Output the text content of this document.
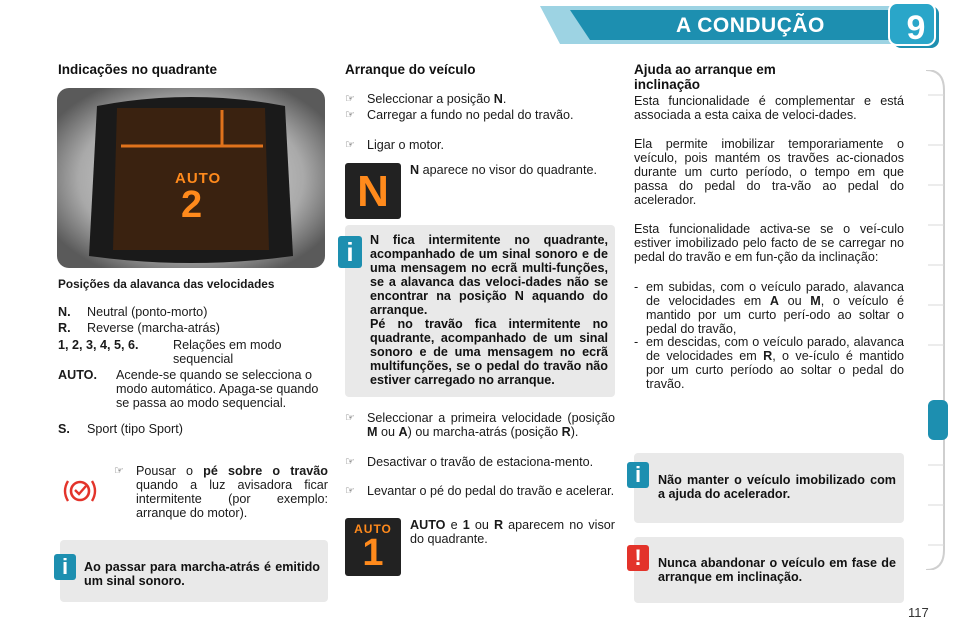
A CONDUÇÃO	9
Indicações no quadrante
AUTO
2
Posições da alavanca das velocidades
N. Neutral (ponto-morto)
R. Reverse (marcha-atrás)
1, 2, 3, 4, 5, 6.	Relações em modo sequencial
AUTO. Acende-se quando se selecciona o modo automático. Apaga-se quando se passa ao modo sequencial.
S. Sport (tipo Sport)
☞ Pousar o pé sobre o travão quando a luz avisadora ficar intermitente (por exemplo: arranque do motor).
i	Ao passar para marcha-atrás é emitido um sinal sonoro.
Arranque do veículo
☞ Seleccionar a posição N.
☞ Carregar a fundo no pedal do travão.
☞ Ligar o motor.
N	N aparece no visor do quadrante.
i	N fica intermitente no quadrante, acompanhado de um sinal sonoro e de uma mensagem no ecrã multi-funções, se a alavanca das veloci-dades não se encontrar na posição N aquando do arranque.
Pé no travão fica intermitente no quadrante, acompanhado de um sinal sonoro e de uma mensagem no ecrã multifunções, se o pedal do travão não estiver carregado no arranque.
☞ Seleccionar a primeira velocidade (posição M ou A) ou marcha-atrás (posição R).
☞ Desactivar o travão de estaciona-mento.
☞ Levantar o pé do pedal do travão e acelerar.
AUTO
1
AUTO e 1 ou R aparecem no visor do quadrante.
Ajuda ao arranque em inclinação
Esta funcionalidade é complementar e está associada a esta caixa de veloci-dades.
Ela permite imobilizar temporariamente o veículo, pois mantém os travões ac-cionados durante um curto período, o tempo em que passa do pedal do tra-vão ao pedal do acelerador.
Esta funcionalidade activa-se se o veí-culo estiver imobilizado pelo facto de se carregar no pedal do travão e em fun-ção da inclinação:
- em subidas, com o veículo parado, alavanca de velocidades em A ou M, o veículo é mantido por um curto perí-odo ao soltar o pedal do travão,
- em descidas, com o veículo parado, alavanca de velocidades em R, o ve-ículo é mantido por um curto período ao soltar o pedal do travão.
i	Não manter o veículo imobilizado com a ajuda do acelerador.
!	Nunca abandonar o veículo em fase de arranque em inclinação.
117
